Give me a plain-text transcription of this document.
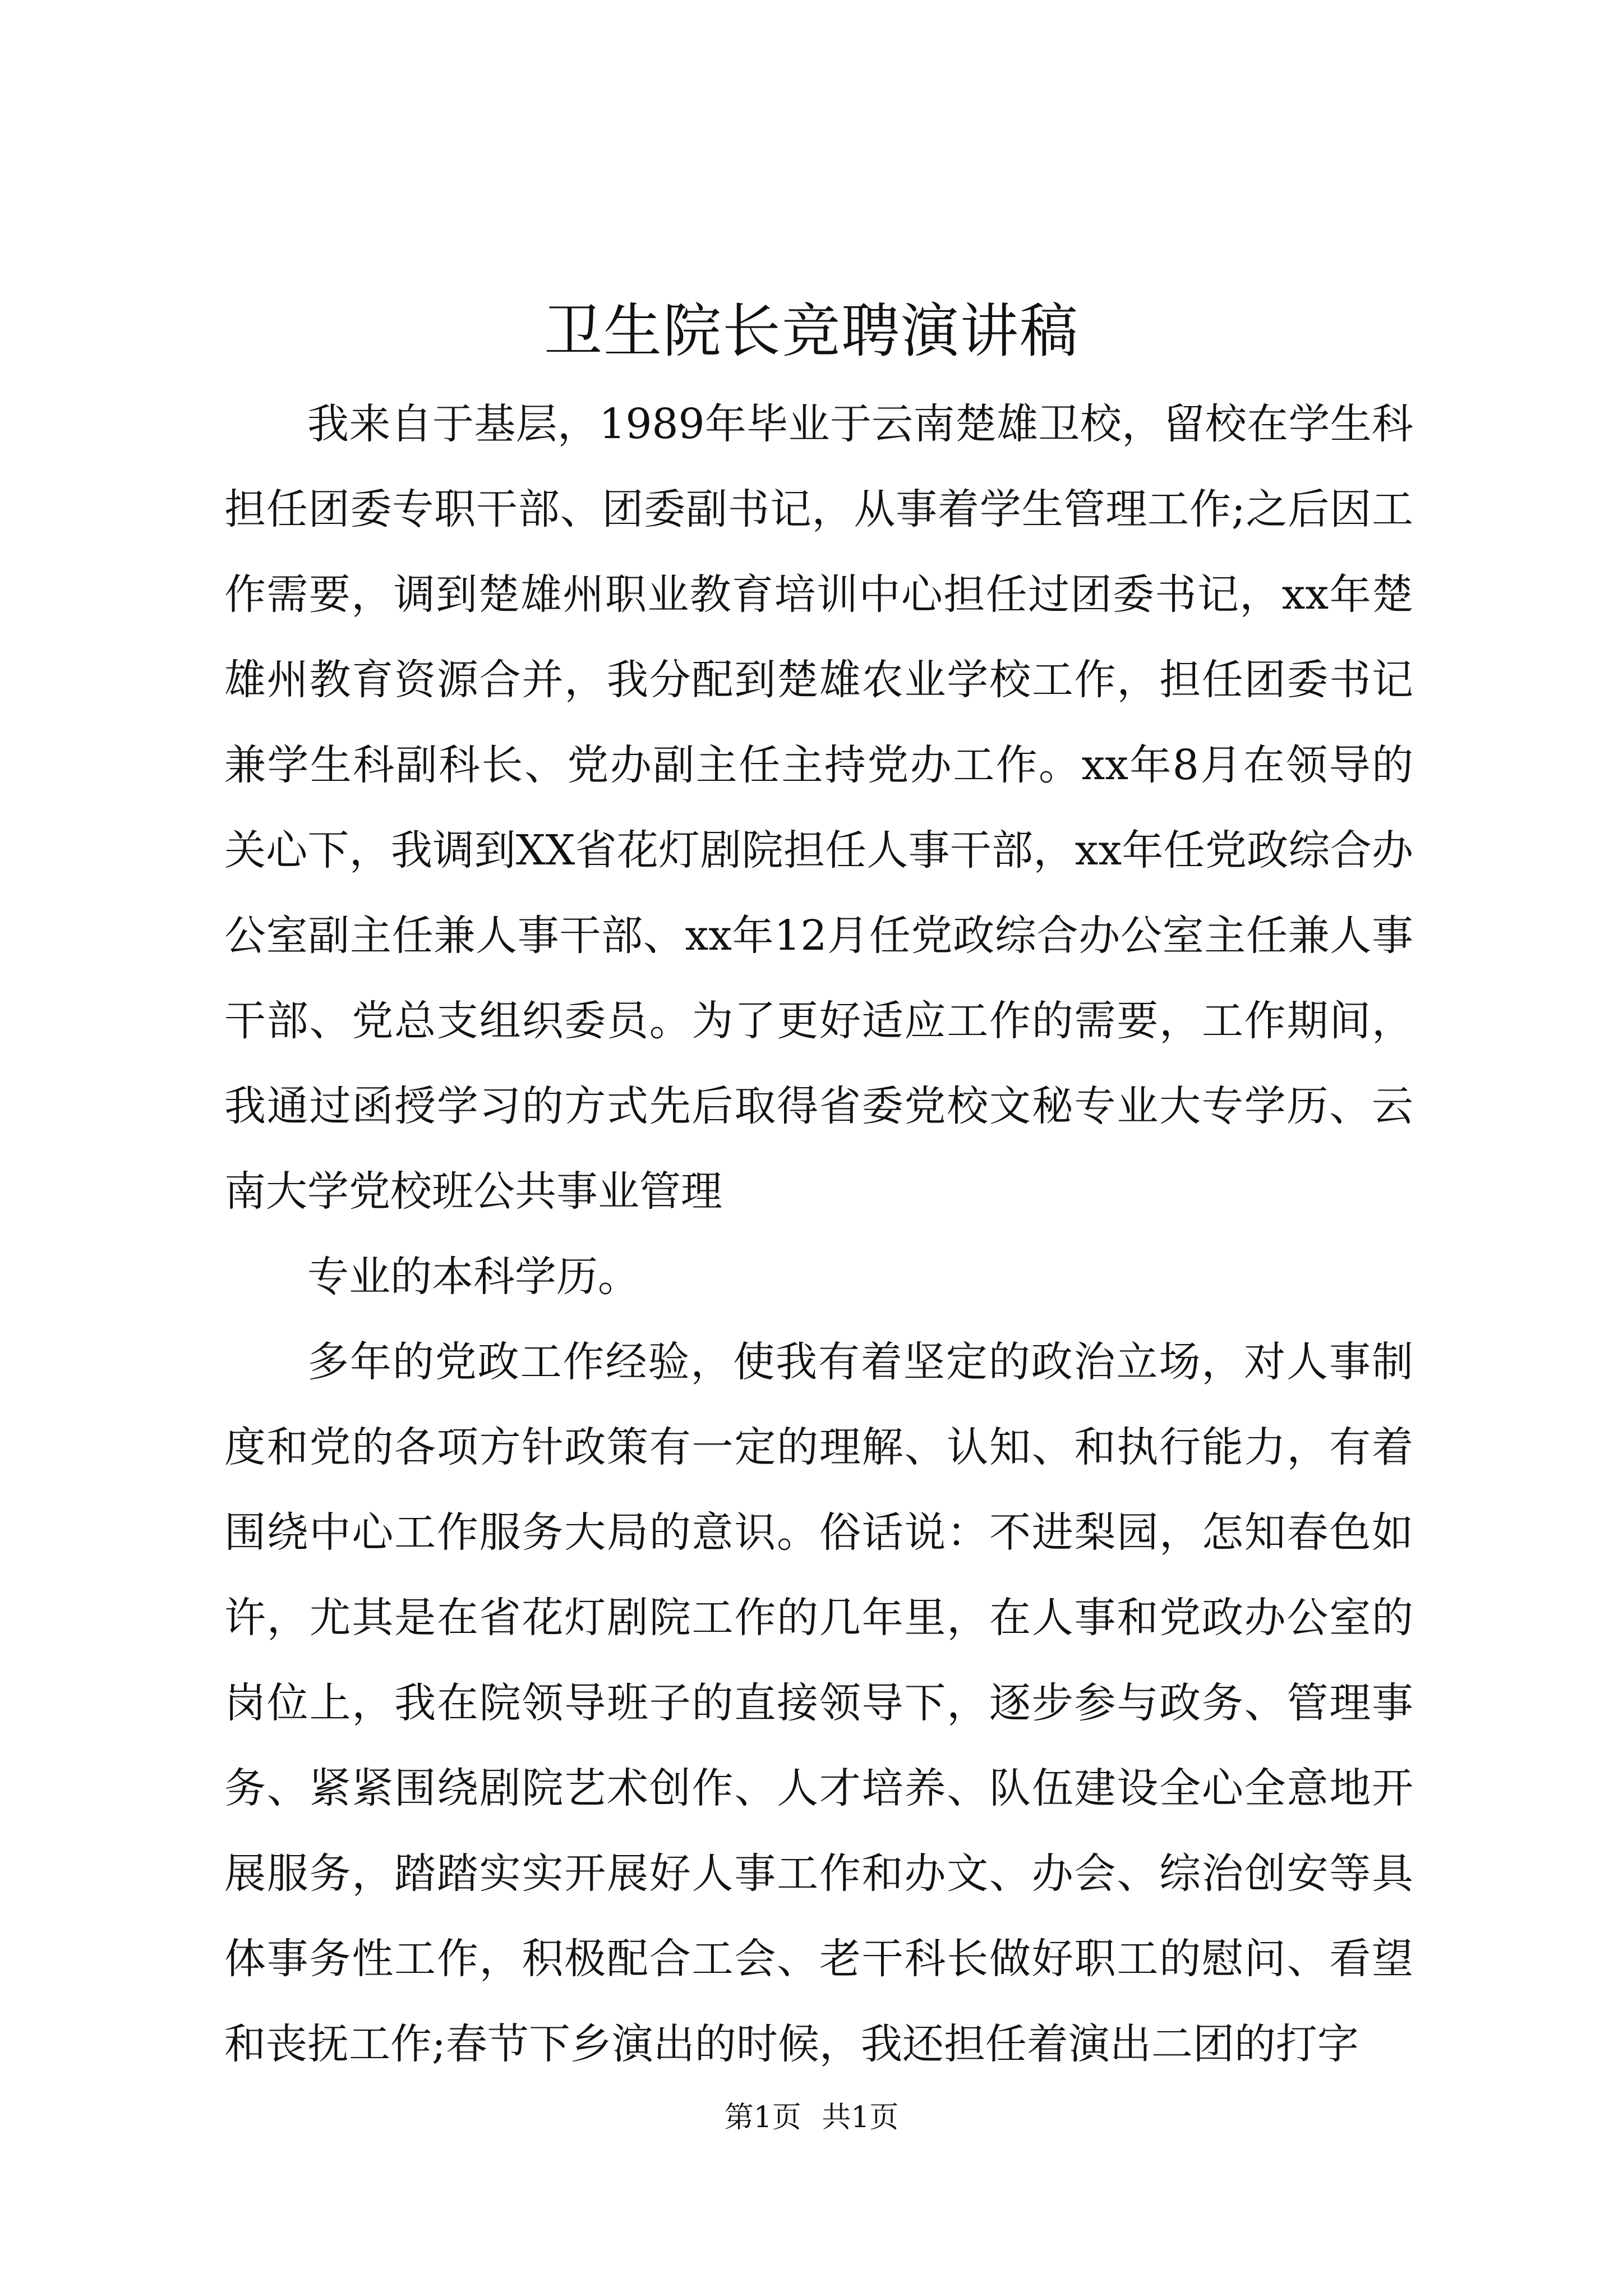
卫生院长竞聘演讲稿

我来自于基层，1989年毕业于云南楚雄卫校，留校在学生科担任团委专职干部、团委副书记，从事着学生管理工作;之后因工作需要，调到楚雄州职业教育培训中心担任过团委书记，xx年楚雄州教育资源合并，我分配到楚雄农业学校工作，担任团委书记兼学生科副科长、党办副主任主持党办工作。xx年8月在领导的关心下，我调到XX省花灯剧院担任人事干部，xx年任党政综合办公室副主任兼人事干部、xx年12月任党政综合办公室主任兼人事干部、党总支组织委员。为了更好适应工作的需要，工作期间，我通过函授学习的方式先后取得省委党校文秘专业大专学历、云南大学党校班公共事业管理

专业的本科学历。

多年的党政工作经验，使我有着坚定的政治立场，对人事制度和党的各项方针政策有一定的理解、认知、和执行能力，有着围绕中心工作服务大局的意识。俗话说：不进梨园，怎知春色如许，尤其是在省花灯剧院工作的几年里，在人事和党政办公室的岗位上，我在院领导班子的直接领导下，逐步参与政务、管理事务、紧紧围绕剧院艺术创作、人才培养、队伍建设全心全意地开展服务，踏踏实实开展好人事工作和办文、办会、综治创安等具体事务性工作，积极配合工会、老干科长做好职工的慰问、看望和丧抚工作;春节下乡演出的时候，我还担任着演出二团的打字

第1页 共1页
